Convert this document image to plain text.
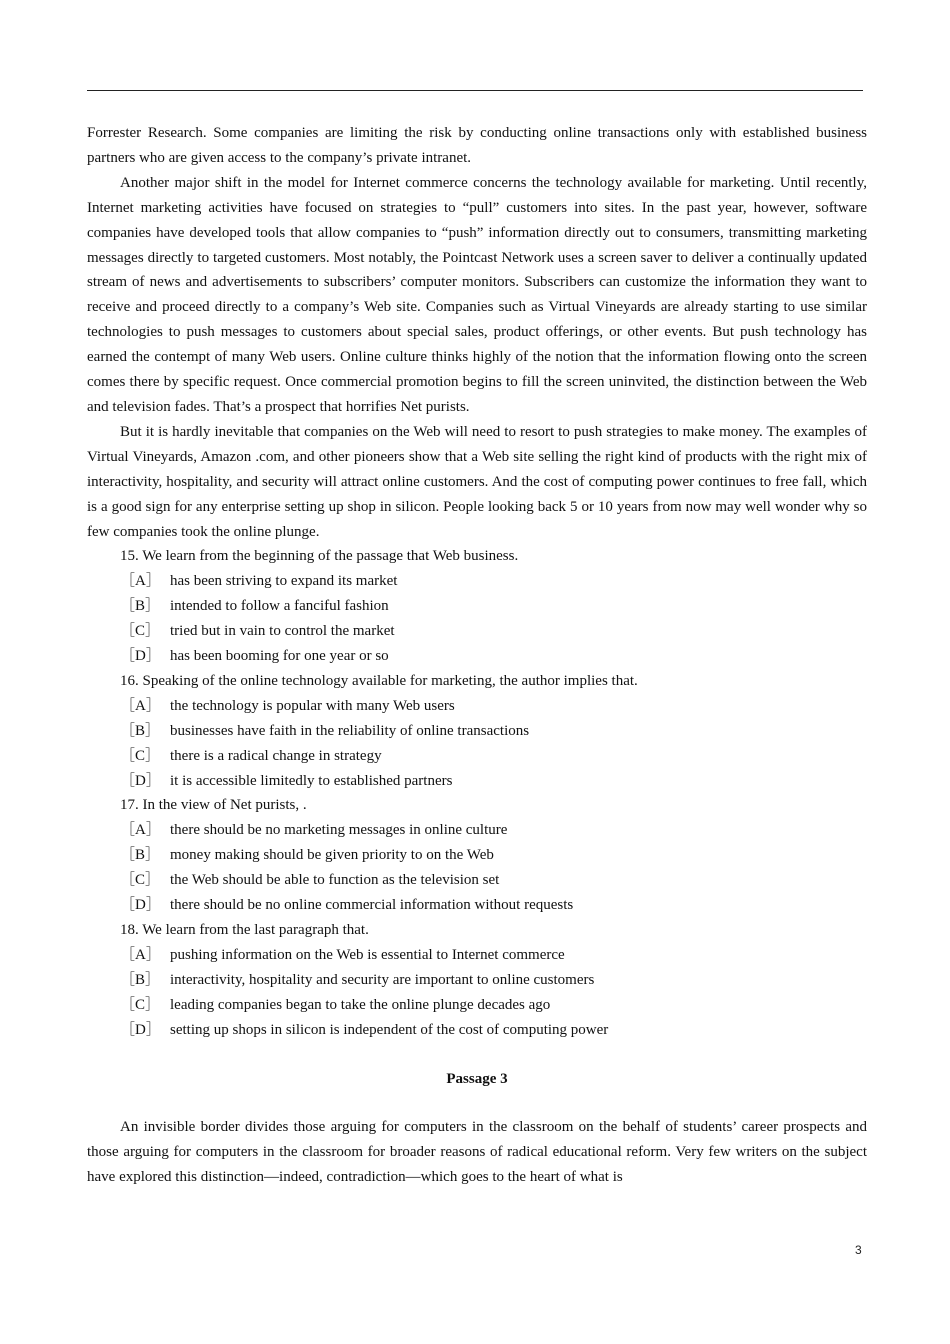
Forrester Research. Some companies are limiting the risk by conducting online transactions only with established business partners who are given access to the company’s private intranet.

Another major shift in the model for Internet commerce concerns the technology available for marketing. Until recently, Internet marketing activities have focused on strategies to “pull” customers into sites. In the past year, however, software companies have developed tools that allow companies to “push” information directly out to consumers, transmitting marketing messages directly to targeted customers. Most notably, the Pointcast Network uses a screen saver to deliver a continually updated stream of news and advertisements to subscribers’ computer monitors. Subscribers can customize the information they want to receive and proceed directly to a company’s Web site. Companies such as Virtual Vineyards are already starting to use similar technologies to push messages to customers about special sales, product offerings, or other events. But push technology has earned the contempt of many Web users. Online culture thinks highly of the notion that the information flowing onto the screen comes there by specific request. Once commercial promotion begins to fill the screen uninvited, the distinction between the Web and television fades. That’s a prospect that horrifies Net purists.

But it is hardly inevitable that companies on the Web will need to resort to push strategies to make money. The examples of Virtual Vineyards, Amazon .com, and other pioneers show that a Web site selling the right kind of products with the right mix of interactivity, hospitality, and security will attract online customers. And the cost of computing power continues to free fall, which is a good sign for any enterprise setting up shop in silicon. People looking back 5 or 10 years from now may well wonder why so few companies took the online plunge.

15. We learn from the beginning of the passage that Web business.

［A］ has been striving to expand its market

［B］ intended to follow a fanciful fashion

［C］ tried but in vain to control the market

［D］ has been booming for one year or so

16. Speaking of the online technology available for marketing, the author implies that.

［A］ the technology is popular with many Web users

［B］ businesses have faith in the reliability of online transactions

［C］ there is a radical change in strategy

［D］ it is accessible limitedly to established partners

17. In the view of Net purists, .

［A］ there should be no marketing messages in online culture

［B］ money making should be given priority to on the Web

［C］ the Web should be able to function as the television set

［D］ there should be no online commercial information without requests

18. We learn from the last paragraph that.

［A］ pushing information on the Web is essential to Internet commerce

［B］ interactivity, hospitality and security are important to online customers

［C］ leading companies began to take the online plunge decades ago

［D］ setting up shops in silicon is independent of the cost of computing power

Passage 3

An invisible border divides those arguing for computers in the classroom on the behalf of students’ career prospects and those arguing for computers in the classroom for broader reasons of radical educational reform. Very few writers on the subject have explored this distinction—indeed, contradiction—which goes to the heart of what is

3
